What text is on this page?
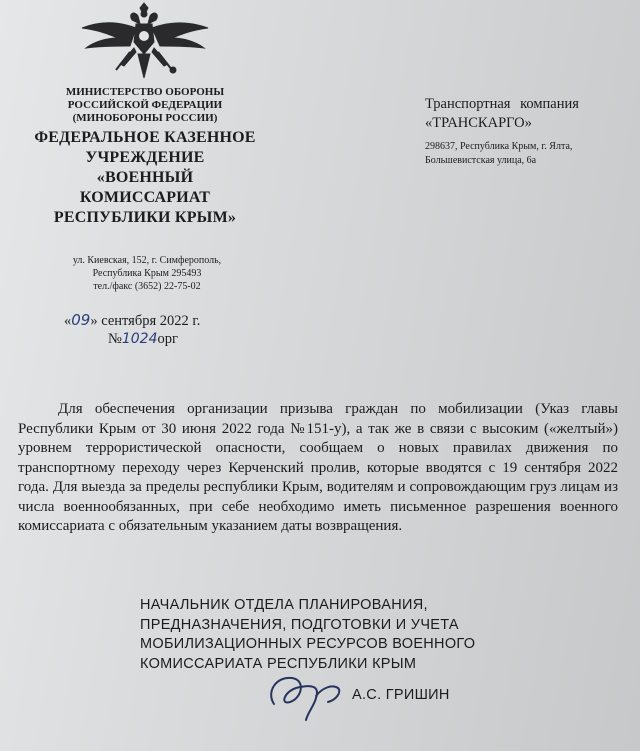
МИНИСТЕРСТВО ОБОРОНЫ
РОССИЙСКОЙ ФЕДЕРАЦИИ
(МИНОБОРОНЫ РОССИИ)
ФЕДЕРАЛЬНОЕ КАЗЕННОЕ
УЧРЕЖДЕНИЕ
«ВОЕННЫЙ
КОМИССАРИАТ
РЕСПУБЛИКИ КРЫМ»
ул. Киевская, 152, г. Симферополь,
Республика Крым 295493
тел./факс (3652) 22-75-02
«09» сентября 2022 г.
№1024орг
Транспортная компания
«ТРАНСКАРГО»
298637, Республика Крым, г. Ялта,
Большевистская улица, 6а
Для обеспечения организации призыва граждан по мобилизации (Указ главы Республики Крым от 30 июня 2022 года №151-у), а так же в связи с высоким («желтый») уровнем террористической опасности, сообщаем о новых правилах движения по транспортному переходу через Керченский пролив, которые вводятся с 19 сентября 2022 года. Для выезда за пределы республики Крым, водителям и сопровождающим груз лицам из числа военнообязанных, при себе необходимо иметь письменное разрешения военного комиссариата с обязательным указанием даты возвращения.
НАЧАЛЬНИК ОТДЕЛА ПЛАНИРОВАНИЯ,
ПРЕДНАЗНАЧЕНИЯ, ПОДГОТОВКИ И УЧЕТА
МОБИЛИЗАЦИОННЫХ РЕСУРСОВ ВОЕННОГО
КОМИССАРИАТА РЕСПУБЛИКИ КРЫМ
А.С. ГРИШИН
